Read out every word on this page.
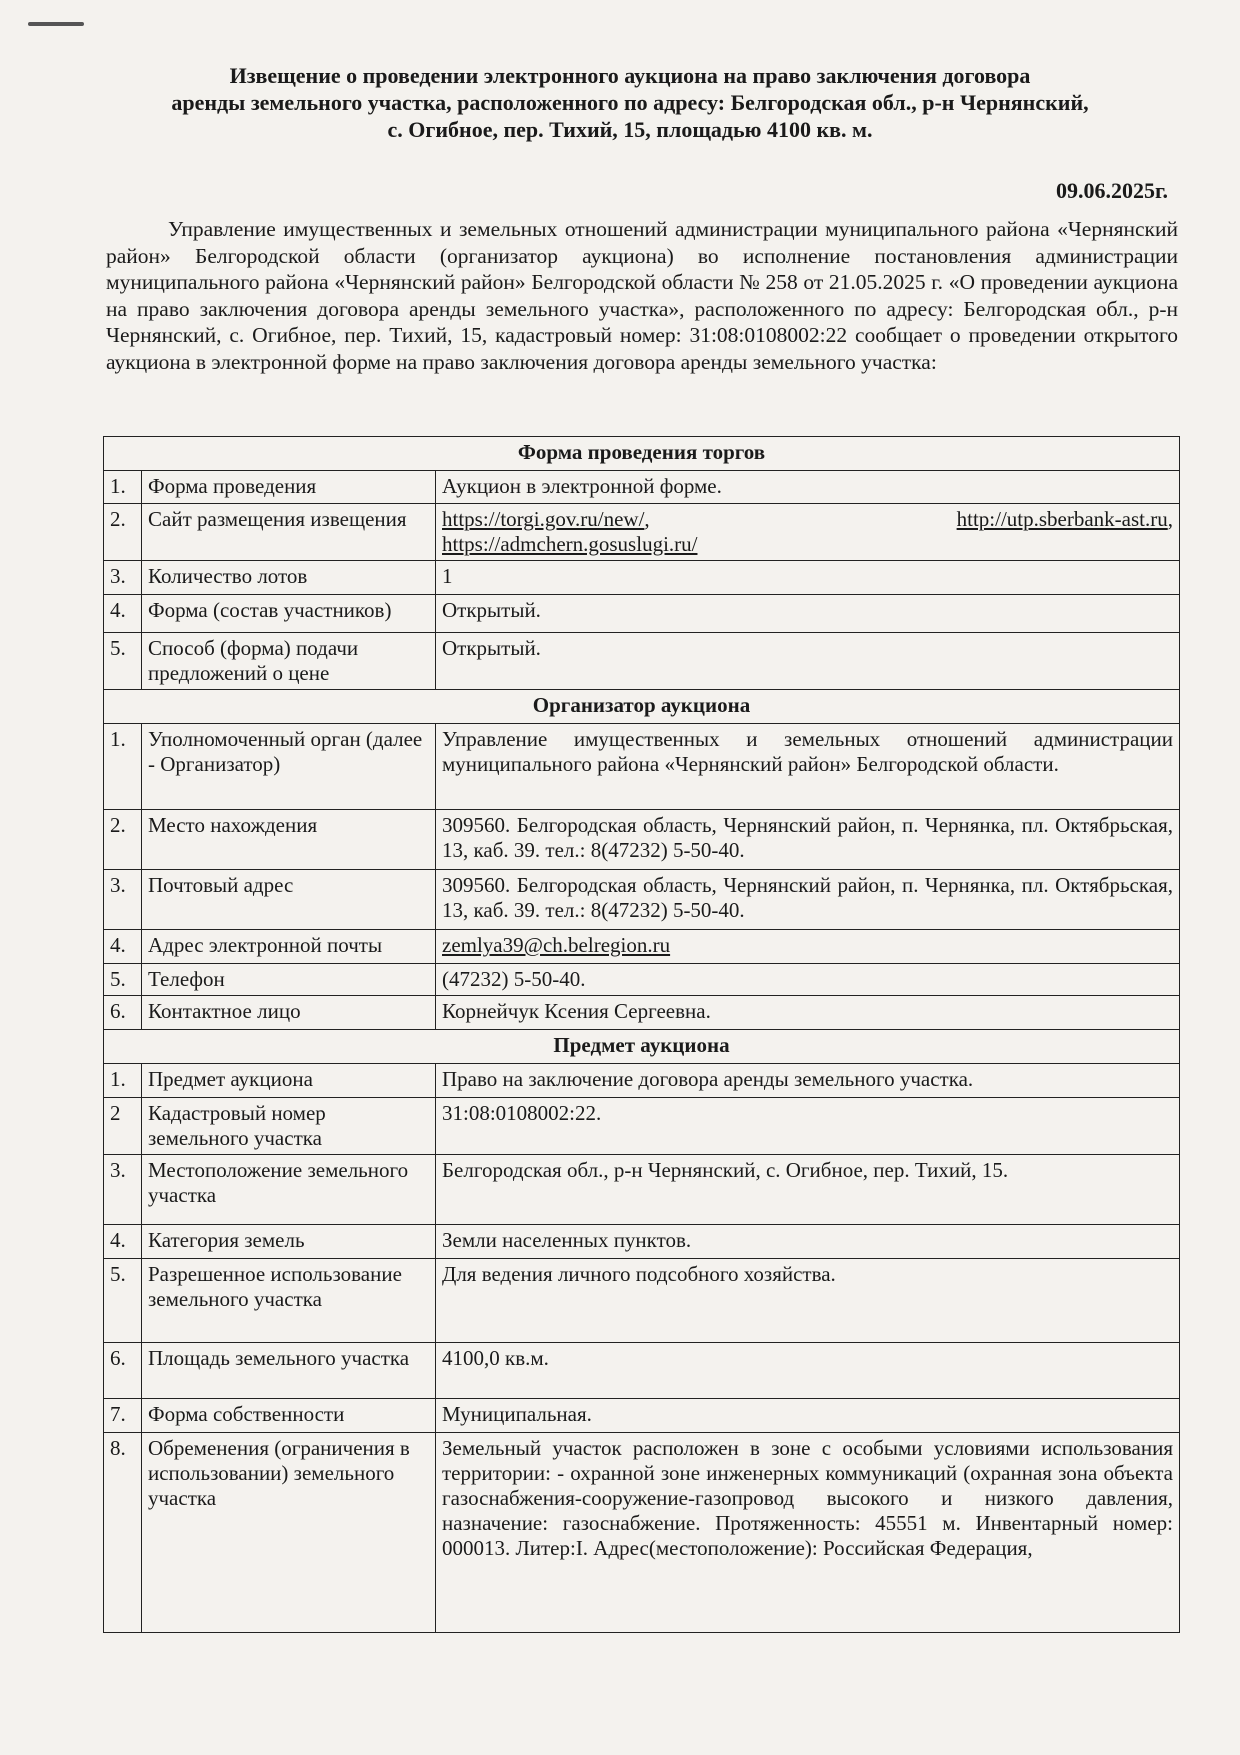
Извещение о проведении электронного аукциона на право заключения договора
аренды земельного участка, расположенного по адресу: Белгородская обл., р-н Чернянский,
с. Огибное, пер. Тихий, 15, площадью 4100 кв. м.
09.06.2025г.
Управление имущественных и земельных отношений администрации муниципального района «Чернянский район» Белгородской области (организатор аукциона) во исполнение постановления администрации муниципального района «Чернянский район» Белгородской области № 258 от 21.05.2025 г. «О проведении аукциона на право заключения договора аренды земельного участка», расположенного по адресу: Белгородская обл., р-н Чернянский, с. Огибное, пер. Тихий, 15, кадастровый номер: 31:08:0108002:22 сообщает о проведении открытого аукциона в электронной форме на право заключения договора аренды земельного участка:
Форма проведения торгов		
1.	Форма проведения	Аукцион в электронной форме.
2.	Сайт размещения извещения	https://torgi.gov.ru/new/, http://utp.sberbank-ast.ru,
https://admchern.gosuslugi.ru/

3.	Количество лотов	1
4.	Форма (состав участников)	Открытый.
5.	Способ (форма) подачи предложений о цене	Открытый.
Организатор аукциона		
1.	Уполномоченный орган (далее - Организатор)	Управление имущественных и земельных отношений администрации муниципального района «Чернянский район» Белгородской области.
2.	Место нахождения	309560. Белгородская область, Чернянский район, п. Чернянка, пл. Октябрьская, 13, каб. 39. тел.: 8(47232) 5-50-40.
3.	Почтовый адрес	309560. Белгородская область, Чернянский район, п. Чернянка, пл. Октябрьская, 13, каб. 39. тел.: 8(47232) 5-50-40.
4.	Адрес электронной почты	zemlya39@ch.belregion.ru
5.	Телефон	(47232) 5-50-40.
6.	Контактное лицо	Корнейчук Ксения Сергеевна.
Предмет аукциона		
1.	Предмет аукциона	Право на заключение договора аренды земельного участка.
2	Кадастровый номер земельного участка	31:08:0108002:22.
3.	Местоположение земельного участка	Белгородская обл., р-н Чернянский, с. Огибное, пер. Тихий, 15.
4.	Категория земель	Земли населенных пунктов.
5.	Разрешенное использование земельного участка	Для ведения личного подсобного хозяйства.
6.	Площадь земельного участка	4100,0 кв.м.
7.	Форма собственности	Муниципальная.
8.	Обременения (ограничения в использовании) земельного участка	Земельный участок расположен в зоне с особыми условиями использования территории: - охранной зоне инженерных коммуникаций (охранная зона объекта газоснабжения-сооружение-газопровод высокого и низкого давления, назначение: газоснабжение. Протяженность: 45551 м. Инвентарный номер: 000013. Литер:I. Адрес(местоположение): Российская Федерация,
